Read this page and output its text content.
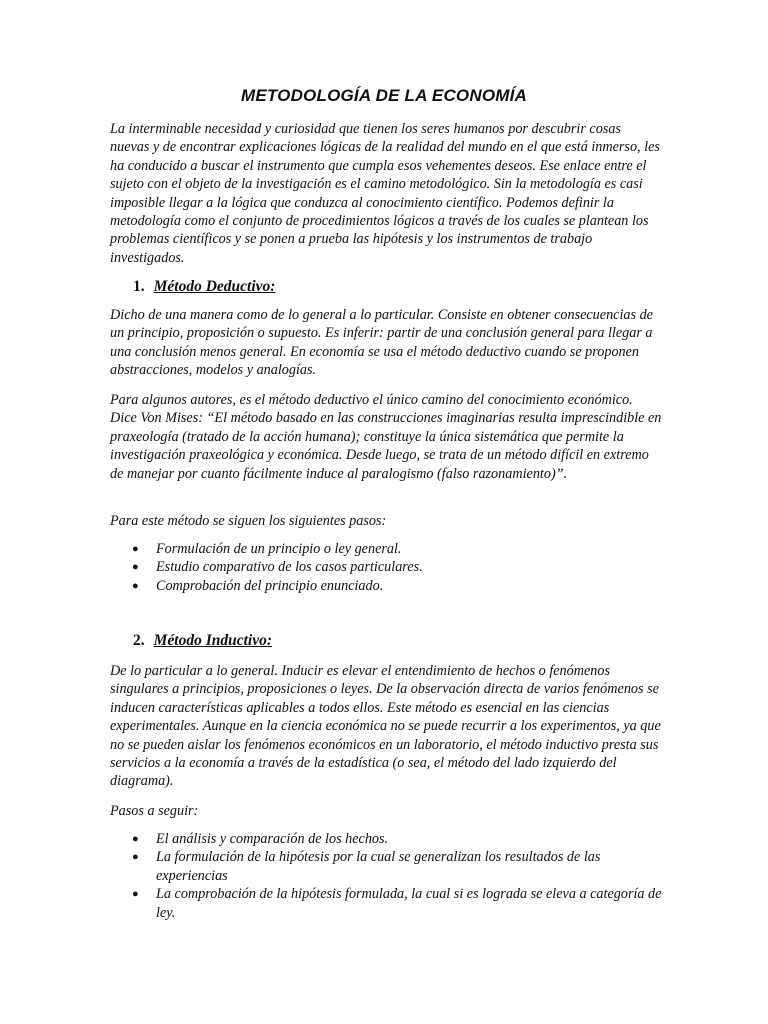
METODOLOGÍA DE LA ECONOMÍA

La interminable necesidad y curiosidad que tienen los seres humanos por descubrir cosas nuevas y de encontrar explicaciones lógicas de la realidad del mundo en el que está inmerso, les ha conducido a buscar el instrumento que cumpla esos vehementes deseos. Ese enlace entre el sujeto con el objeto de la investigación es el camino metodológico. Sin la metodología es casi imposible llegar a la lógica que conduzca al conocimiento científico. Podemos definir la metodología como el conjunto de procedimientos lógicos a través de los cuales se plantean los problemas científicos y se ponen a prueba las hipótesis y los instrumentos de trabajo investigados.

1. Método Deductivo:

Dicho de una manera como de lo general a lo particular. Consiste en obtener consecuencias de un principio, proposición o supuesto. Es inferir: partir de una conclusión general para llegar a una conclusión menos general. En economía se usa el método deductivo cuando se proponen abstracciones, modelos y analogías.

Para algunos autores, es el método deductivo el único camino del conocimiento económico. Dice Von Mises: “El método basado en las construcciones imaginarias resulta imprescindible en praxeología (tratado de la acción humana); constituye la única sistemática que permite la investigación praxeológica y económica. Desde luego, se trata de un método difícil en extremo de manejar por cuanto fácilmente induce al paralogismo (falso razonamiento)”.

Para este método se siguen los siguientes pasos:

● Formulación de un principio o ley general.
● Estudio comparativo de los casos particulares.
● Comprobación del principio enunciado.
2. Método Inductivo:

De lo particular a lo general. Inducir es elevar el entendimiento de hechos o fenómenos singulares a principios, proposiciones o leyes. De la observación directa de varios fenómenos se inducen características aplicables a todos ellos. Este método es esencial en las ciencias experimentales. Aunque en la ciencia económica no se puede recurrir a los experimentos, ya que no se pueden aislar los fenómenos económicos en un laboratorio, el método inductivo presta sus servicios a la economía a través de la estadística (o sea, el método del lado izquierdo del diagrama).

Pasos a seguir:

● El análisis y comparación de los hechos.
● La formulación de la hipótesis por la cual se generalizan los resultados de las experiencias
● La comprobación de la hipótesis formulada, la cual si es lograda se eleva a categoría de ley.
